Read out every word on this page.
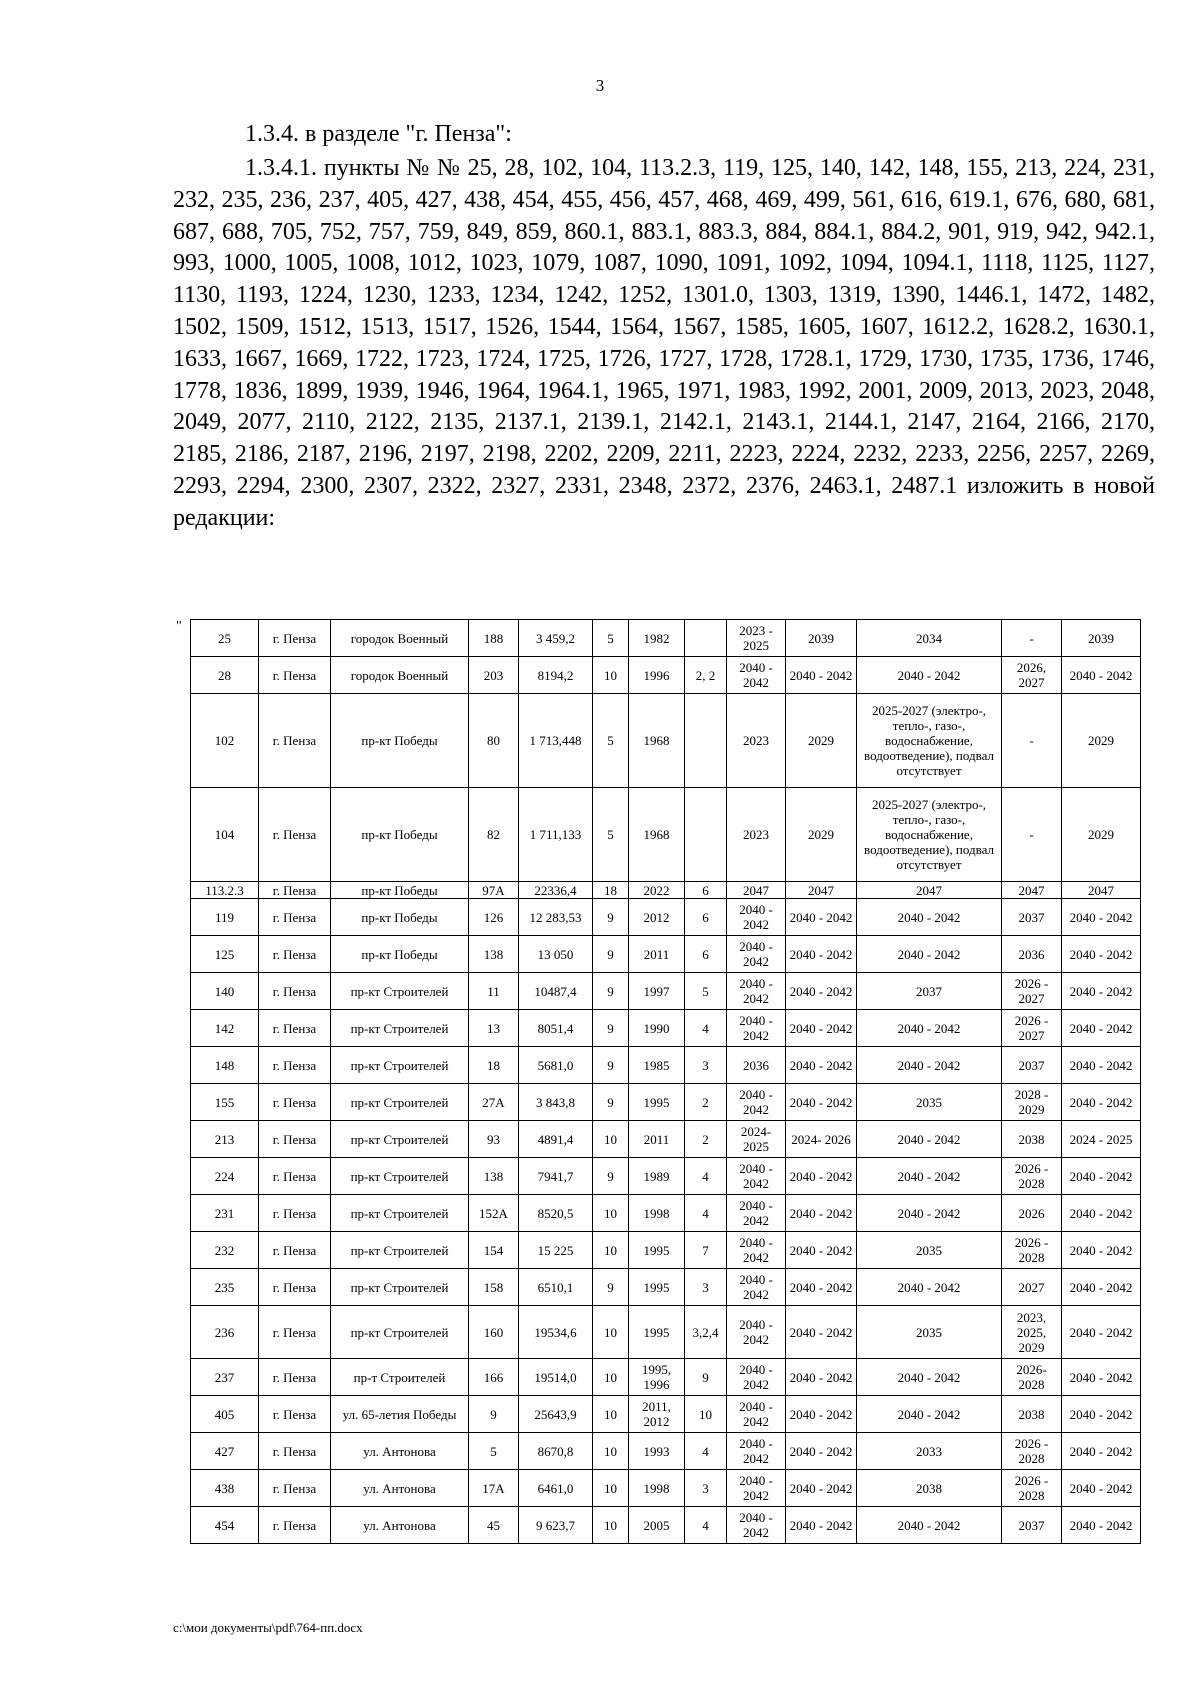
3
1.3.4. в разделе "г. Пенза":

1.3.4.1. пункты № № 25, 28, 102, 104, 113.2.3, 119, 125, 140, 142, 148, 155, 213, 224, 231, 232, 235, 236, 237, 405, 427, 438, 454, 455, 456, 457, 468, 469, 499, 561, 616, 619.1, 676, 680, 681, 687, 688, 705, 752, 757, 759, 849, 859, 860.1, 883.1, 883.3, 884, 884.1, 884.2, 901, 919, 942, 942.1, 993, 1000, 1005, 1008, 1012, 1023, 1079, 1087, 1090, 1091, 1092, 1094, 1094.1, 1118, 1125, 1127, 1130, 1193, 1224, 1230, 1233, 1234, 1242, 1252, 1301.0, 1303, 1319, 1390, 1446.1, 1472, 1482, 1502, 1509, 1512, 1513, 1517, 1526, 1544, 1564, 1567, 1585, 1605, 1607, 1612.2, 1628.2, 1630.1, 1633, 1667, 1669, 1722, 1723, 1724, 1725, 1726, 1727, 1728, 1728.1, 1729, 1730, 1735, 1736, 1746, 1778, 1836, 1899, 1939, 1946, 1964, 1964.1, 1965, 1971, 1983, 1992, 2001, 2009, 2013, 2023, 2048, 2049, 2077, 2110, 2122, 2135, 2137.1, 2139.1, 2142.1, 2143.1, 2144.1, 2147, 2164, 2166, 2170, 2185, 2186, 2187, 2196, 2197, 2198, 2202, 2209, 2211, 2223, 2224, 2232, 2233, 2256, 2257, 2269, 2293, 2294, 2300, 2307, 2322, 2327, 2331, 2348, 2372, 2376, 2463.1, 2487.1 изложить в новой редакции:

"
25	г. Пенза	городок Военный	188	3 459,2	5	1982		2023 - 2025	2039	2034	-	2039
28	г. Пенза	городок Военный	203	8194,2	10	1996	2, 2	2040 - 2042	2040 - 2042	2040 - 2042	2026, 2027	2040 - 2042
102	г. Пенза	пр-кт Победы	80	1 713,448	5	1968		2023	2029	2025-2027 (электро-, тепло-, газо-, водоснабжение, водоотведение), подвал отсутствует	-	2029
104	г. Пенза	пр-кт Победы	82	1 711,133	5	1968		2023	2029	2025-2027 (электро-, тепло-, газо-, водоснабжение, водоотведение), подвал отсутствует	-	2029
113.2.3	г. Пенза	пр-кт Победы	97А	22336,4	18	2022	6	2047	2047	2047	2047	2047
119	г. Пенза	пр-кт Победы	126	12 283,53	9	2012	6	2040 - 2042	2040 - 2042	2040 - 2042	2037	2040 - 2042
125	г. Пенза	пр-кт Победы	138	13 050	9	2011	6	2040 - 2042	2040 - 2042	2040 - 2042	2036	2040 - 2042
140	г. Пенза	пр-кт Строителей	11	10487,4	9	1997	5	2040 - 2042	2040 - 2042	2037	2026 - 2027	2040 - 2042
142	г. Пенза	пр-кт Строителей	13	8051,4	9	1990	4	2040 - 2042	2040 - 2042	2040 - 2042	2026 - 2027	2040 - 2042
148	г. Пенза	пр-кт Строителей	18	5681,0	9	1985	3	2036	2040 - 2042	2040 - 2042	2037	2040 - 2042
155	г. Пенза	пр-кт Строителей	27А	3 843,8	9	1995	2	2040 - 2042	2040 - 2042	2035	2028 - 2029	2040 - 2042
213	г. Пенза	пр-кт Строителей	93	4891,4	10	2011	2	2024- 2025	2024- 2026	2040 - 2042	2038	2024 - 2025
224	г. Пенза	пр-кт Строителей	138	7941,7	9	1989	4	2040 - 2042	2040 - 2042	2040 - 2042	2026 - 2028	2040 - 2042
231	г. Пенза	пр-кт Строителей	152А	8520,5	10	1998	4	2040 - 2042	2040 - 2042	2040 - 2042	2026	2040 - 2042
232	г. Пенза	пр-кт Строителей	154	15 225	10	1995	7	2040 - 2042	2040 - 2042	2035	2026 - 2028	2040 - 2042
235	г. Пенза	пр-кт Строителей	158	6510,1	9	1995	3	2040 - 2042	2040 - 2042	2040 - 2042	2027	2040 - 2042
236	г. Пенза	пр-кт Строителей	160	19534,6	10	1995	3,2,4	2040 - 2042	2040 - 2042	2035	2023, 2025, 2029	2040 - 2042
237	г. Пенза	пр-т Строителей	166	19514,0	10	1995, 1996	9	2040 - 2042	2040 - 2042	2040 - 2042	2026- 2028	2040 - 2042
405	г. Пенза	ул. 65-летия Победы	9	25643,9	10	2011, 2012	10	2040 - 2042	2040 - 2042	2040 - 2042	2038	2040 - 2042
427	г. Пенза	ул. Антонова	5	8670,8	10	1993	4	2040 - 2042	2040 - 2042	2033	2026 - 2028	2040 - 2042
438	г. Пенза	ул. Антонова	17А	6461,0	10	1998	3	2040 - 2042	2040 - 2042	2038	2026 - 2028	2040 - 2042
454	г. Пенза	ул. Антонова	45	9 623,7	10	2005	4	2040 - 2042	2040 - 2042	2040 - 2042	2037	2040 - 2042
c:\мои документы\pdf\764-пп.docx
